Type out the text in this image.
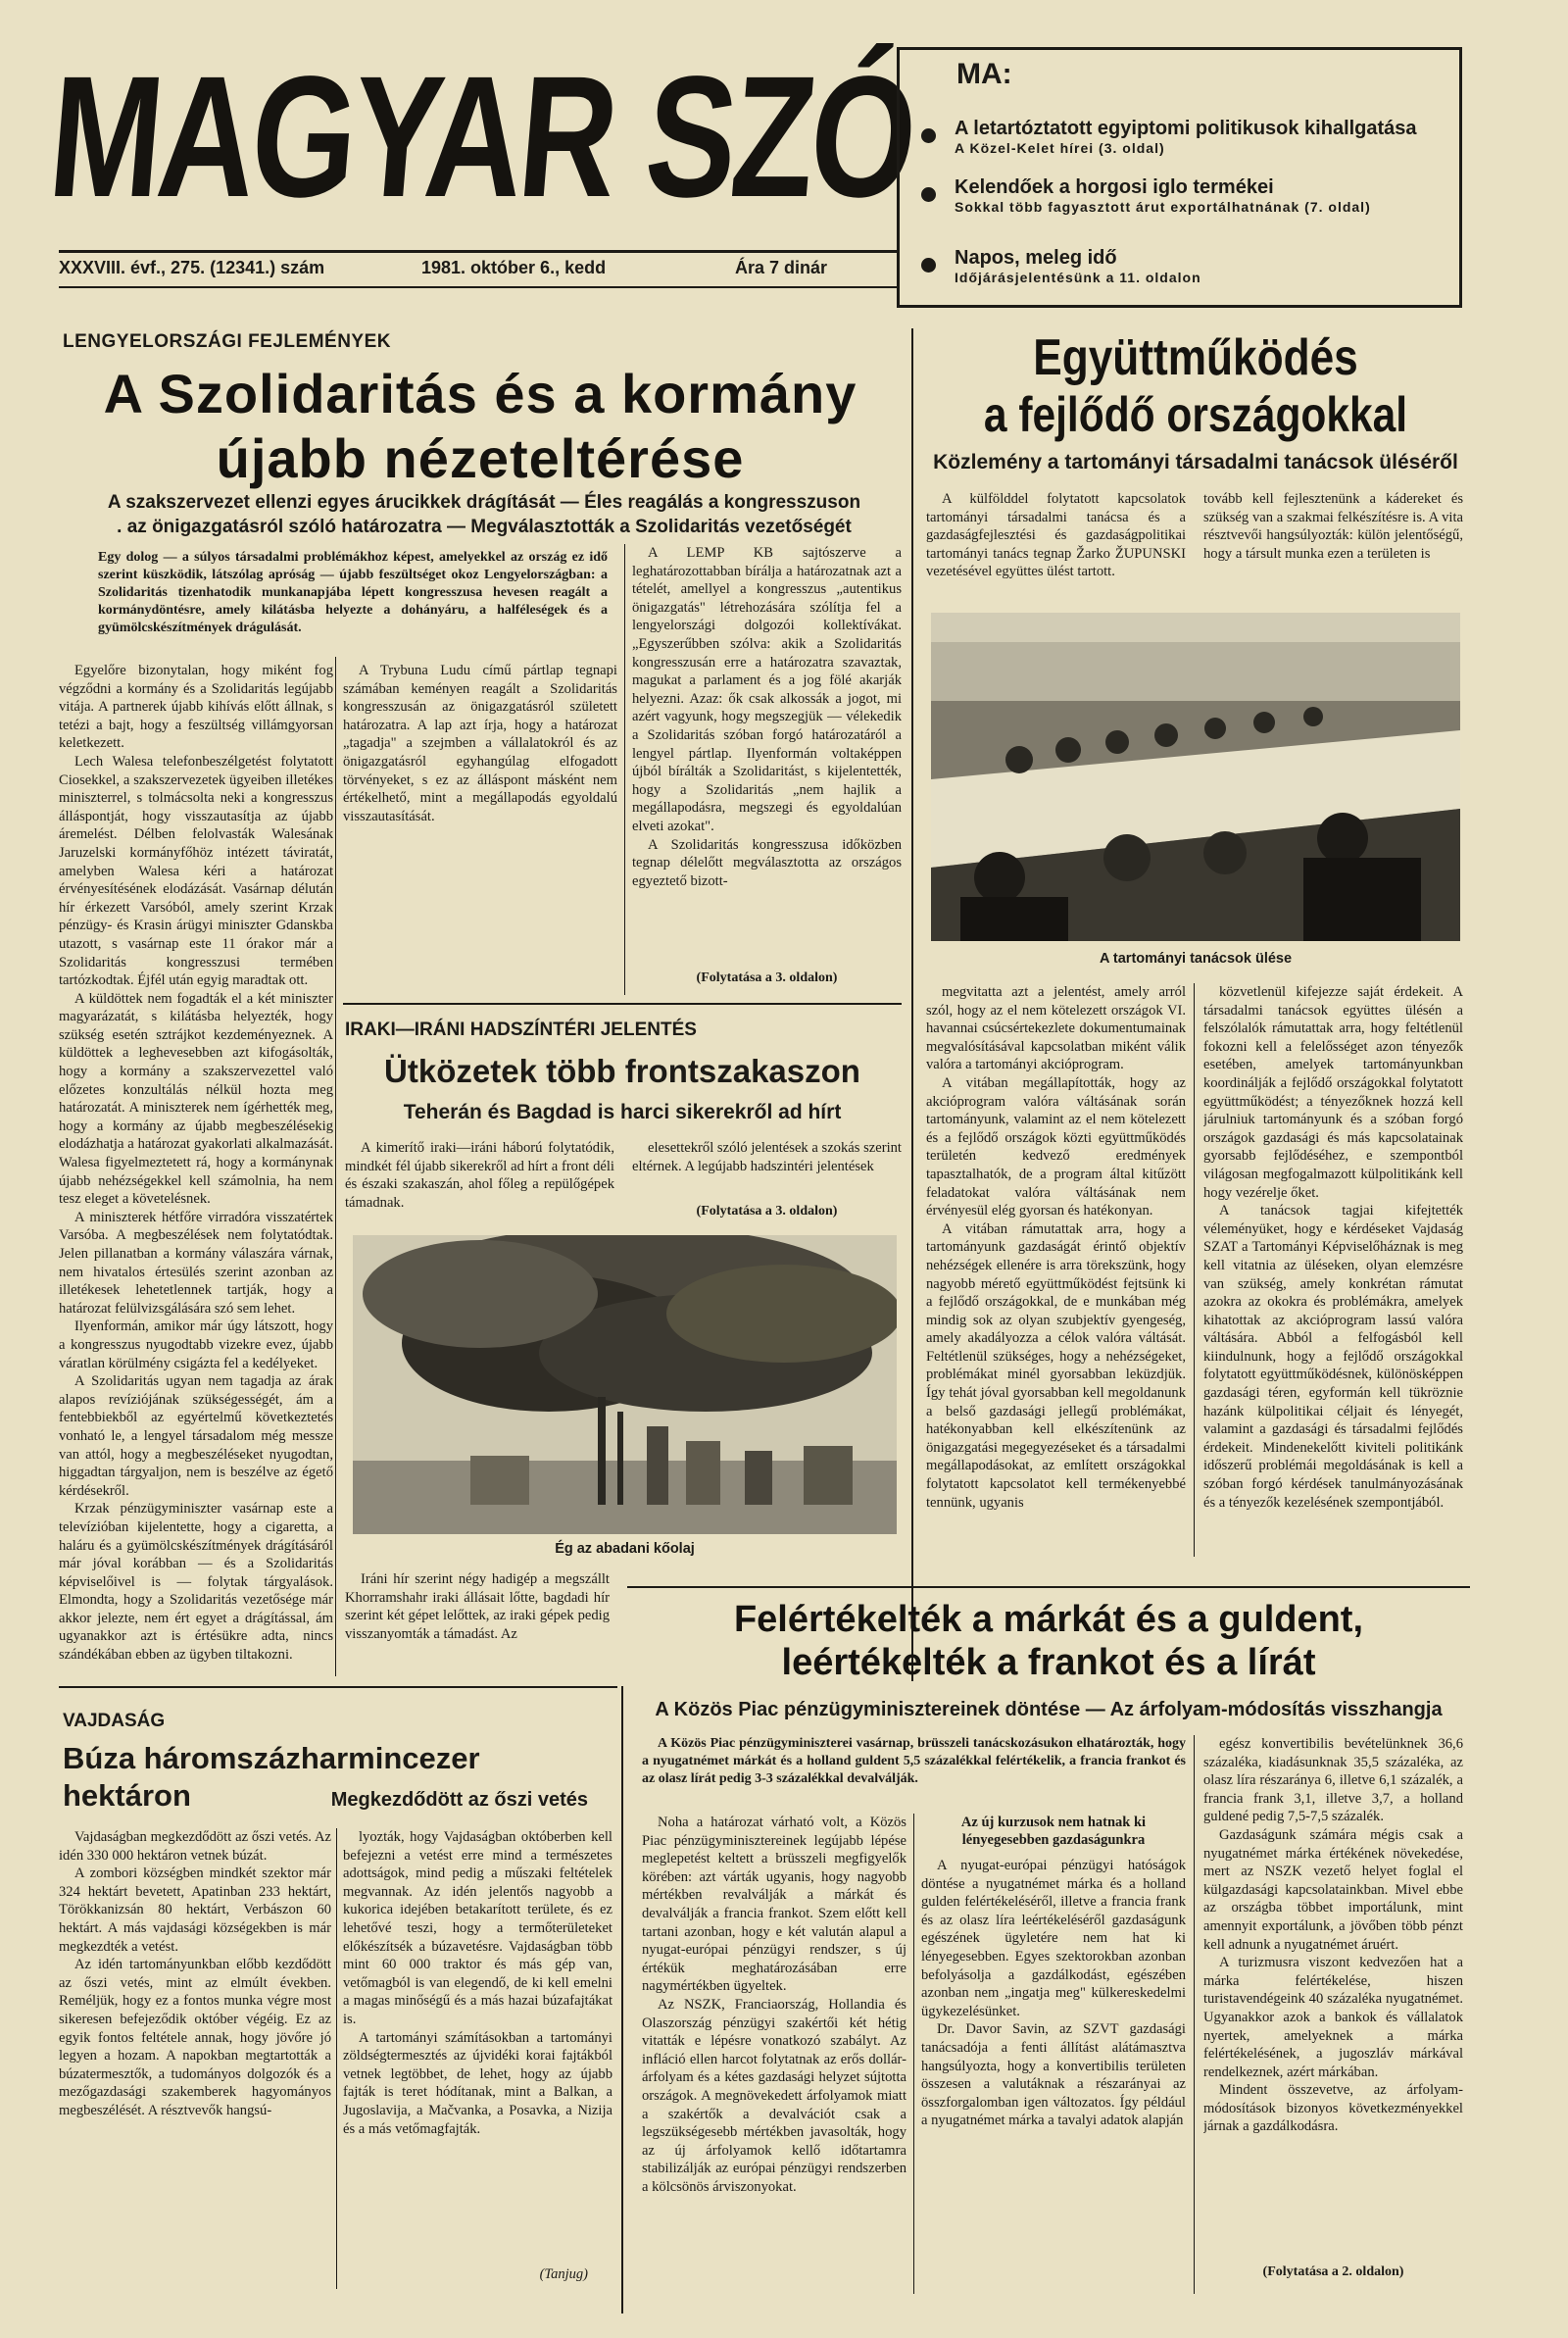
MAGYAR SZÓ
XXXVIII. évf., 275. (12341.) szám	1981. október 6., kedd	Ára 7 dinár
MA:
A letartóztatott egyiptomi politikusok kihallgatása
A Közel-Kelet hírei (3. oldal)
Kelendőek a horgosi iglo termékei
Sokkal több fagyasztott árut exportálhatnának (7. oldal)
Napos, meleg idő
Időjárásjelentésünk a 11. oldalon
LENGYELORSZÁGI FEJLEMÉNYEK
A Szolidaritás és a kormány
újabb nézeteltérése
A szakszervezet ellenzi egyes árucikkek drágítását — Éles reagálás a kongresszuson
. az önigazgatásról szóló határozatra — Megválasztották a Szolidaritás vezetőségét
Egy dolog — a súlyos társadalmi problémákhoz képest, amelyekkel az ország ez idő szerint küszködik, látszólag apróság — újabb feszültséget okoz Lengyelországban: a Szolidaritás tizenhatodik munkanapjába lépett kongresszusa hevesen reagált a kormánydöntésre, amely kilátásba helyezte a dohányáru, a halféleségek és a gyümölcskészítmények drágulását.

Egyelőre bizonytalan, hogy miként fog végződni a kormány és a Szolidaritás legújabb vitája. A partnerek újabb kihívás előtt állnak, s tetézi a bajt, hogy a feszültség villámgyorsan keletkezett.

Lech Walesa telefonbeszélgetést folytatott Ciosekkel, a szakszervezetek ügyeiben illetékes miniszterrel, s tolmácsolta neki a kongresszus álláspontját, hogy visszautasítja az újabb áremelést. Délben felolvasták Walesának Jaruzelski kormányfőhöz intézett táviratát, amelyben Walesa kéri a határozat érvényesítésének elodázását. Vasárnap délután hír érkezett Varsóból, amely szerint Krzak pénzügy- és Krasin árügyi miniszter Gdanskba utazott, s vasárnap este 11 órakor már a Szolidaritás kongresszusi termében tartózkodtak. Éjfél után egyig maradtak ott.

A küldöttek nem fogadták el a két miniszter magyarázatát, s kilátásba helyezték, hogy szükség esetén sztrájkot kezdeményeznek. A küldöttek a leghevesebben azt kifogásolták, hogy a kormány a szakszervezettel való előzetes konzultálás nélkül hozta meg határozatát. A miniszterek nem ígérhették meg, hogy a kormány az újabb megbeszélésekig elodázhatja a határozat gyakorlati alkalmazását. Walesa figyelmeztetett rá, hogy a kormánynak újabb nehézségekkel kell számolnia, ha nem tesz eleget a követelésnek.

A miniszterek hétfőre virradóra visszatértek Varsóba. A megbeszélések nem folytatódtak. Jelen pillanatban a kormány válaszára várnak, nem hivatalos értesülés szerint azonban az illetékesek lehetetlennek tartják, hogy a határozat felülvizsgálására szó sem lehet.

Ilyenformán, amikor már úgy látszott, hogy a kongresszus nyugodtabb vizekre evez, újabb váratlan körülmény csigázta fel a kedélyeket.

A Szolidaritás ugyan nem tagadja az árak alapos revíziójának szükségességét, ám a fentebbiekből az egyértelmű következtetés vonható le, a lengyel társadalom még messze van attól, hogy a megbeszéléseket nyugodtan, higgadtan tárgyaljon, nem is beszélve az égető kérdésekről.

Krzak pénzügyminiszter vasárnap este a televízióban kijelentette, hogy a cigaretta, a haláru és a gyümölcskészítmények drágításáról már jóval korábban — és a Szolidaritás képviselőivel is — folytak tárgyalások. Elmondta, hogy a Szolidaritás vezetősége már akkor jelezte, nem ért egyet a drágítással, ám ugyanakkor azt is értésükre adta, nincs szándékában ebben az ügyben tiltakozni.

A Trybuna Ludu című pártlap tegnapi számában keményen reagált a Szolidaritás kongresszusán az önigazgatásról született határozatra. A lap azt írja, hogy a határozat „tagadja" a szejmben a vállalatokról és az önigazgatásról egyhangúlag elfogadott törvényeket, s ez az álláspont másként nem értékelhető, mint a megállapodás egyoldalú visszautasítását.

A LEMP KB sajtószerve a leghatározottabban bírálja a határozatnak azt a tételét, amellyel a kongresszus „autentikus önigazgatás" létrehozására szólítja fel a lengyelországi dolgozói kollektívákat. „Egyszerűbben szólva: akik a Szolidaritás kongresszusán erre a határozatra szavaztak, magukat a parlament és a jog fölé akarják helyezni. Azaz: ők csak alkossák a jogot, mi azért vagyunk, hogy megszegjük — vélekedik a Szolidaritás szóban forgó határozatáról a lengyel pártlap. Ilyenformán voltaképpen újból bírálták a Szolidaritást, s kijelentették, hogy a Szolidaritás „nem hajlik a megállapodásra, megszegi és egyoldalúan elveti azokat".

A Szolidaritás kongresszusa időközben tegnap délelőtt megválasztotta az országos egyeztető bizott-

(Folytatása a 3. oldalon)
IRAKI—IRÁNI HADSZÍNTÉRI JELENTÉS
Ütközetek több frontszakaszon
Teherán és Bagdad is harci sikerekről ad hírt
A kimerítő iraki—iráni háború folytatódik, mindkét fél újabb sikerekről ad hírt a front déli és északi szakaszán, ahol főleg a repülőgépek támadnak.
elesettekről szóló jelentések a szokás szerint eltérnek. A legújabb hadszintéri jelentések
(Folytatása a 3. oldalon)
Ég az abadani kőolaj

Iráni hír szerint négy hadigép a megszállt Khorramshahr iraki állásait lőtte, bagdadi hír szerint két gépet lelőttek, az iraki gépek pedig visszanyomták a támadást. Az

Együttműködés
a fejlődő országokkal
Közlemény a tartományi társadalmi tanácsok üléséről
A külfölddel folytatott kapcsolatok tartományi társadalmi tanácsa és a gazdaságfejlesztési és gazdaságpolitikai tartományi tanács tegnap Žarko ŽUPUNSKI vezetésével együttes ülést tartott.
tovább kell fejlesztenünk a kádereket és szükség van a szakmai felkészítésre is. A vita résztvevői hangsúlyozták: külön jelentőségű, hogy a társult munka ezen a területen is
A tartományi tanácsok ülése

megvitatta azt a jelentést, amely arról szól, hogy az el nem kötelezett országok VI. havannai csúcsértekezlete dokumentumainak megvalósításával kapcsolatban miként válik valóra a tartományi akcióprogram.

A vitában megállapították, hogy az akcióprogram valóra váltásának során tartományunk, valamint az el nem kötelezett és a fejlődő országok közti együttműködés területén kedvező eredmények tapasztalhatók, de a program által kitűzött feladatokat valóra váltásának nem érvényesül elég gyorsan és hatékonyan.

A vitában rámutattak arra, hogy a tartományunk gazdaságát érintő objektív nehézségek ellenére is arra törekszünk, hogy nagyobb mérető együttműködést fejtsünk ki a fejlődő országokkal, de e munkában még mindig sok az olyan szubjektív gyengeség, amely akadályozza a célok valóra váltását. Feltétlenül szükséges, hogy a nehézségeket, problémákat minél gyorsabban leküzdjük. Így tehát jóval gyorsabban kell megoldanunk a belső gazdasági jellegű problémákat, hatékonyabban kell elkészítenünk az önigazgatási megegyezéseket és a társadalmi megállapodásokat, az említett országokkal folytatott kapcsolatot kell termékenyebbé tennünk, ugyanis

közvetlenül kifejezze saját érdekeit. A társadalmi tanácsok együttes ülésén a felszólalók rámutattak arra, hogy feltétlenül fokozni kell a felelősséget azon tényezők esetében, amelyek tartományunkban koordinálják a fejlődő országokkal folytatott együttműködést; a tényezőknek hozzá kell járulniuk tartományunk és a szóban forgó országok gazdasági és más kapcsolatainak gyorsabb fejlődéséhez, e szempontból világosan megfogalmazott külpolitikánk kell hogy vezérelje őket.

A tanácsok tagjai kifejtették véleményüket, hogy e kérdéseket Vajdaság SZAT a Tartományi Képviselőháznak is meg kell vitatnia az üléseken, olyan elemzésre van szükség, amely konkrétan rámutat azokra az okokra és problémákra, amelyek kihatottak az akcióprogram lassú valóra váltására. Abból a felfogásból kell kiindulnunk, hogy a fejlődő országokkal folytatott együttműködésnek, különösképpen gazdasági téren, egyformán kell tükröznie hazánk külpolitikai céljait és lényegét, valamint a gazdasági és társadalmi fejlődés érdekeit. Mindenekelőtt kiviteli politikánk időszerű problémái megoldásának is kell a szóban forgó kérdések tanulmányozásának és a tényezők kezelésének szempontjából.

Felértékelték a márkát és a guldent,
leértékelték a frankot és a lírát
A Közös Piac pénzügyminisztereinek döntése — Az árfolyam-módosítás visszhangja
A Közös Piac pénzügyminiszterei vasárnap, brüsszeli tanácskozásukon elhatározták, hogy a nyugatnémet márkát és a holland guldent 5,5 százalékkal felértékelik, a francia frankot és az olasz lírát pedig 3-3 százalékkal devalválják.

Noha a határozat várható volt, a Közös Piac pénzügyminisztereinek legújabb lépése meglepetést keltett a brüsszeli megfigyelők körében: azt várták ugyanis, hogy nagyobb mértékben revalválják a márkát és devalválják a francia frankot. Szem előtt kell tartani azonban, hogy e két valután alapul a nyugat-európai pénzügyi rendszer, s új értékük meghatározásában erre nagymértékben ügyeltek.

Az NSZK, Franciaország, Hollandia és Olaszország pénzügyi szakértői két hétig vitatták e lépésre vonatkozó szabályt. Az infláció ellen harcot folytatnak az erős dollár-árfolyam és a kétes gazdasági helyzet sújtotta országok. A megnövekedett árfolyamok miatt a szakértők a devalvációt csak a legszükségesebb mértékben javasolták, hogy az új árfolyamok kellő időtartamra stabilizálják az európai pénzügyi rendszerben a kölcsönös árviszonyokat.

Az új kurzusok nem hatnak ki lényegesebben gazdaságunkra

A nyugat-európai pénzügyi hatóságok döntése a nyugatnémet márka és a holland gulden felértékeléséről, illetve a francia frank és az olasz líra leértékeléséről gazdaságunk egészének ügyletére nem hat ki lényegesebben. Egyes szektorokban azonban befolyásolja a gazdálkodást, egészében azonban nem „ingatja meg" külkereskedelmi ügykezelésünket.

Dr. Davor Savin, az SZVT gazdasági tanácsadója a fenti állítást alátámasztva hangsúlyozta, hogy a konvertibilis területen összesen a valutáknak a részarányai az összforgalomban igen változatos. Így például a nyugatnémet márka a tavalyi adatok alapján

egész konvertibilis bevételünknek 36,6 százaléka, kiadásunknak 35,5 százaléka, az olasz líra részaránya 6, illetve 6,1 százalék, a francia frank 3,1, illetve 3,7, a holland guldené pedig 7,5-7,5 százalék.

Gazdaságunk számára mégis csak a nyugatnémet márka értékének növekedése, mert az NSZK vezető helyet foglal el külgazdasági kapcsolatainkban. Mivel ebbe az országba többet importálunk, mint amennyit exportálunk, a jövőben több pénzt kell adnunk a nyugatnémet áruért.

A turizmusra viszont kedvezően hat a márka felértékelése, hiszen turistavendégeink 40 százaléka nyugatnémet. Ugyanakkor azok a bankok és vállalatok nyertek, amelyeknek a márka felértékelésének, a jugoszláv márkával rendelkeznek, azért márkában.

Mindent összevetve, az árfolyam-módosítások bizonyos következményekkel járnak a gazdálkodásra.

(Folytatása a 2. oldalon)
VAJDASÁG
Búza háromszázharmincezer hektáron	Megkezdődött az őszi vetés

Vajdaságban megkezdődött az őszi vetés. Az idén 330 000 hektáron vetnek búzát.

A zombori községben mindkét szektor már 324 hektárt bevetett, Apatinban 233 hektárt, Törökkanizsán 80 hektárt, Verbászon 60 hektárt. A más vajdasági községekben is már megkezdték a vetést.

Az idén tartományunkban előbb kezdődött az őszi vetés, mint az elmúlt években. Reméljük, hogy ez a fontos munka végre most sikeresen befejeződik október végéig. Ez az egyik fontos feltétele annak, hogy jövőre jó legyen a hozam. A napokban megtartották a búzatermesztők, a tudományos dolgozók és a mezőgazdasági szakemberek hagyományos megbeszélését. A résztvevők hangsú-

lyozták, hogy Vajdaságban októberben kell befejezni a vetést erre mind a természetes adottságok, mind pedig a műszaki feltételek megvannak. Az idén jelentős nagyobb a kukorica idejében betakarított területe, és ez lehetővé teszi, hogy a termőterületeket előkészítsék a búzavetésre. Vajdaságban több mint 60 000 traktor és más gép van, vetőmagból is van elegendő, de ki kell emelni a magas minőségű és a más hazai búzafajtákat is.

A tartományi számításokban a tartományi zöldségtermesztés az újvidéki korai fajtákból vetnek legtöbbet, de lehet, hogy az újabb fajták is teret hódítanak, mint a Balkan, a Jugoslavija, a Mačvanka, a Posavka, a Nizija és a más vetőmagfajták.

(Tanjug)
